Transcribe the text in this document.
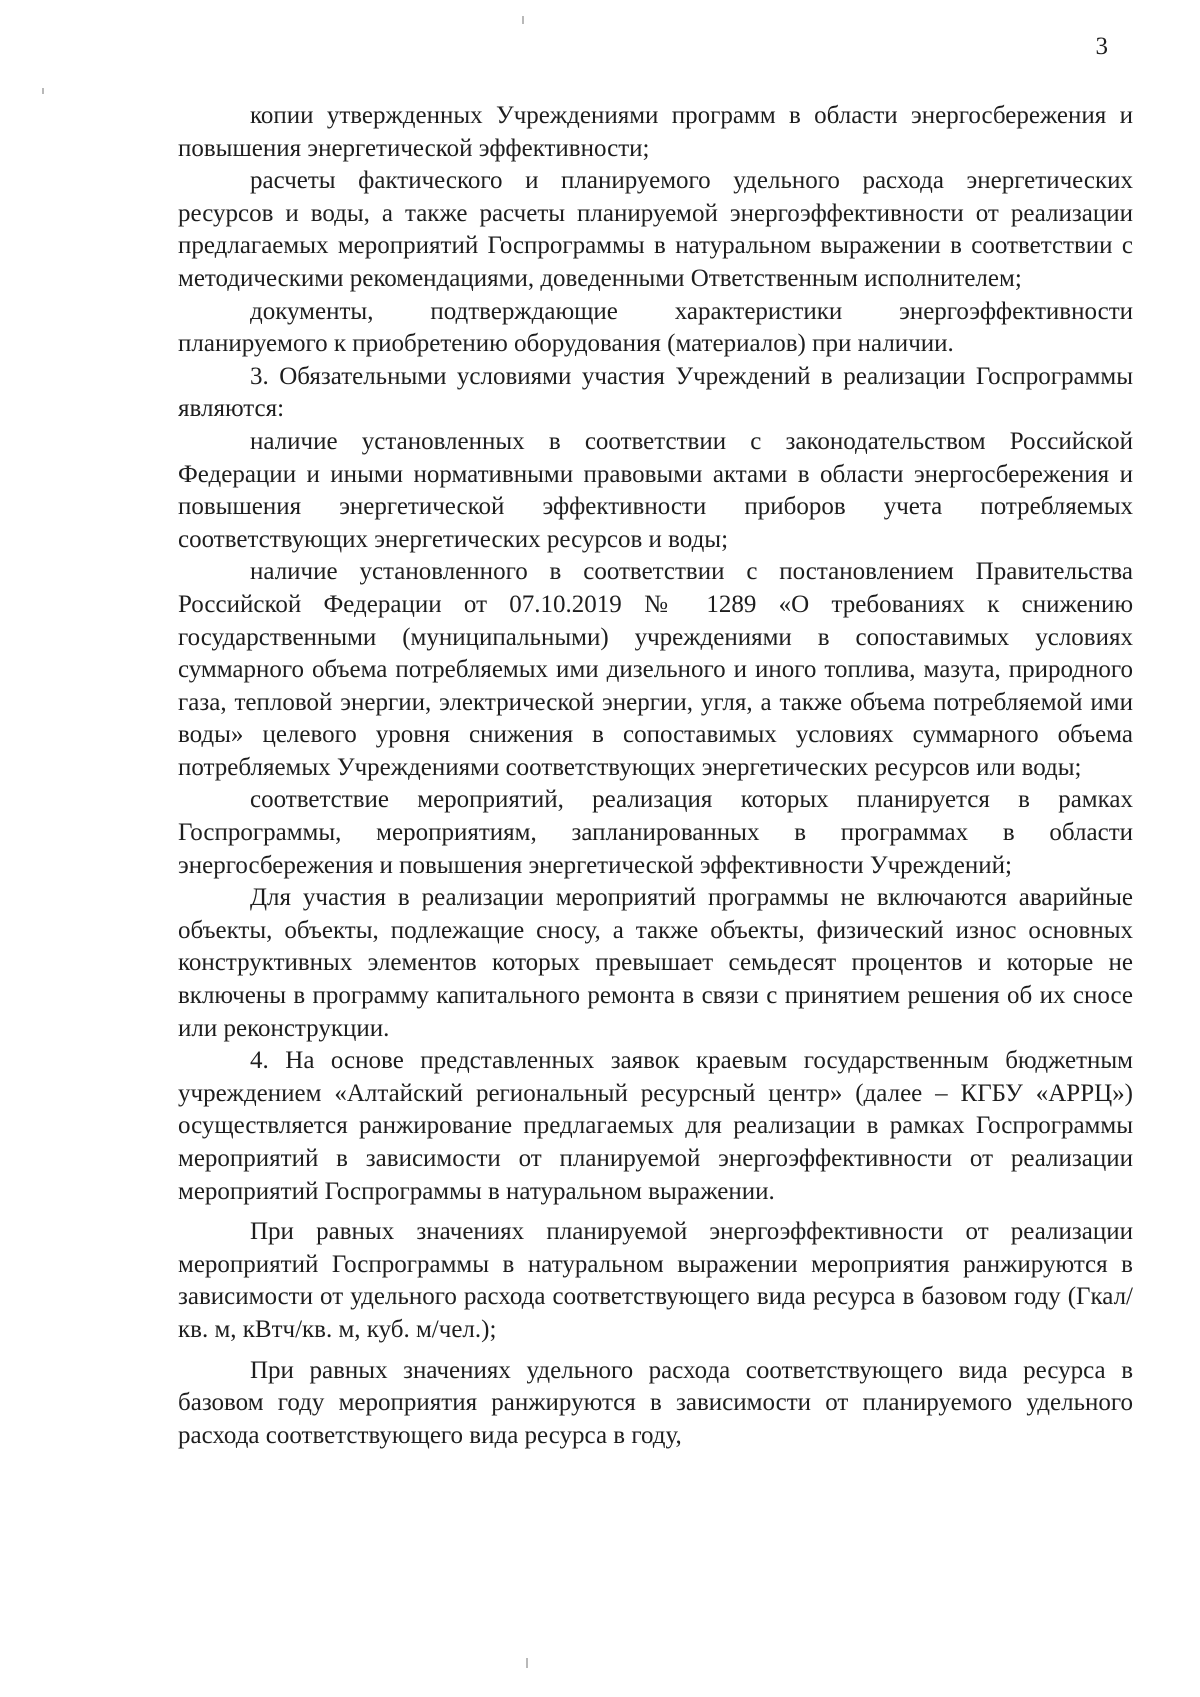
3

копии утвержденных Учреждениями программ в области энергосбережения и повышения энергетической эффективности;

расчеты фактического и планируемого удельного расхода энергетических ресурсов и воды, а также расчеты планируемой энергоэффективности от реализации предлагаемых мероприятий Госпрограммы в натуральном выражении в соответствии с методическими рекомендациями, доведенными Ответственным исполнителем;

документы, подтверждающие характеристики энергоэффективности планируемого к приобретению оборудования (материалов) при наличии.

3. Обязательными условиями участия Учреждений в реализации Госпрограммы являются:

наличие установленных в соответствии с законодательством Российской Федерации и иными нормативными правовыми актами в области энергосбережения и повышения энергетической эффективности приборов учета потребляемых соответствующих энергетических ресурсов и воды;

наличие установленного в соответствии с постановлением Правительства Российской Федерации от 07.10.2019 № 1289 «О требованиях к снижению государственными (муниципальными) учреждениями в сопоставимых условиях суммарного объема потребляемых ими дизельного и иного топлива, мазута, природного газа, тепловой энергии, электрической энергии, угля, а также объема потребляемой ими воды» целевого уровня снижения в сопоставимых условиях суммарного объема потребляемых Учреждениями соответствующих энергетических ресурсов или воды;

соответствие мероприятий, реализация которых планируется в рамках Госпрограммы, мероприятиям, запланированных в программах в области энергосбережения и повышения энергетической эффективности Учреждений;

Для участия в реализации мероприятий программы не включаются аварийные объекты, объекты, подлежащие сносу, а также объекты, физический износ основных конструктивных элементов которых превышает семьдесят процентов и которые не включены в программу капитального ремонта в связи с принятием решения об их сносе или реконструкции.

4. На основе представленных заявок краевым государственным бюджетным учреждением «Алтайский региональный ресурсный центр» (далее – КГБУ «АРРЦ») осуществляется ранжирование предлагаемых для реализации в рамках Госпрограммы мероприятий в зависимости от планируемой энергоэффективности от реализации мероприятий Госпрограммы в натуральном выражении.

При равных значениях планируемой энергоэффективности от реализации мероприятий Госпрограммы в натуральном выражении мероприятия ранжируются в зависимости от удельного расхода соответствующего вида ресурса в базовом году (Гкал/кв. м, кВтч/кв. м, куб. м/чел.);

При равных значениях удельного расхода соответствующего вида ресурса в базовом году мероприятия ранжируются в зависимости от планируемого удельного расхода соответствующего вида ресурса в году,
